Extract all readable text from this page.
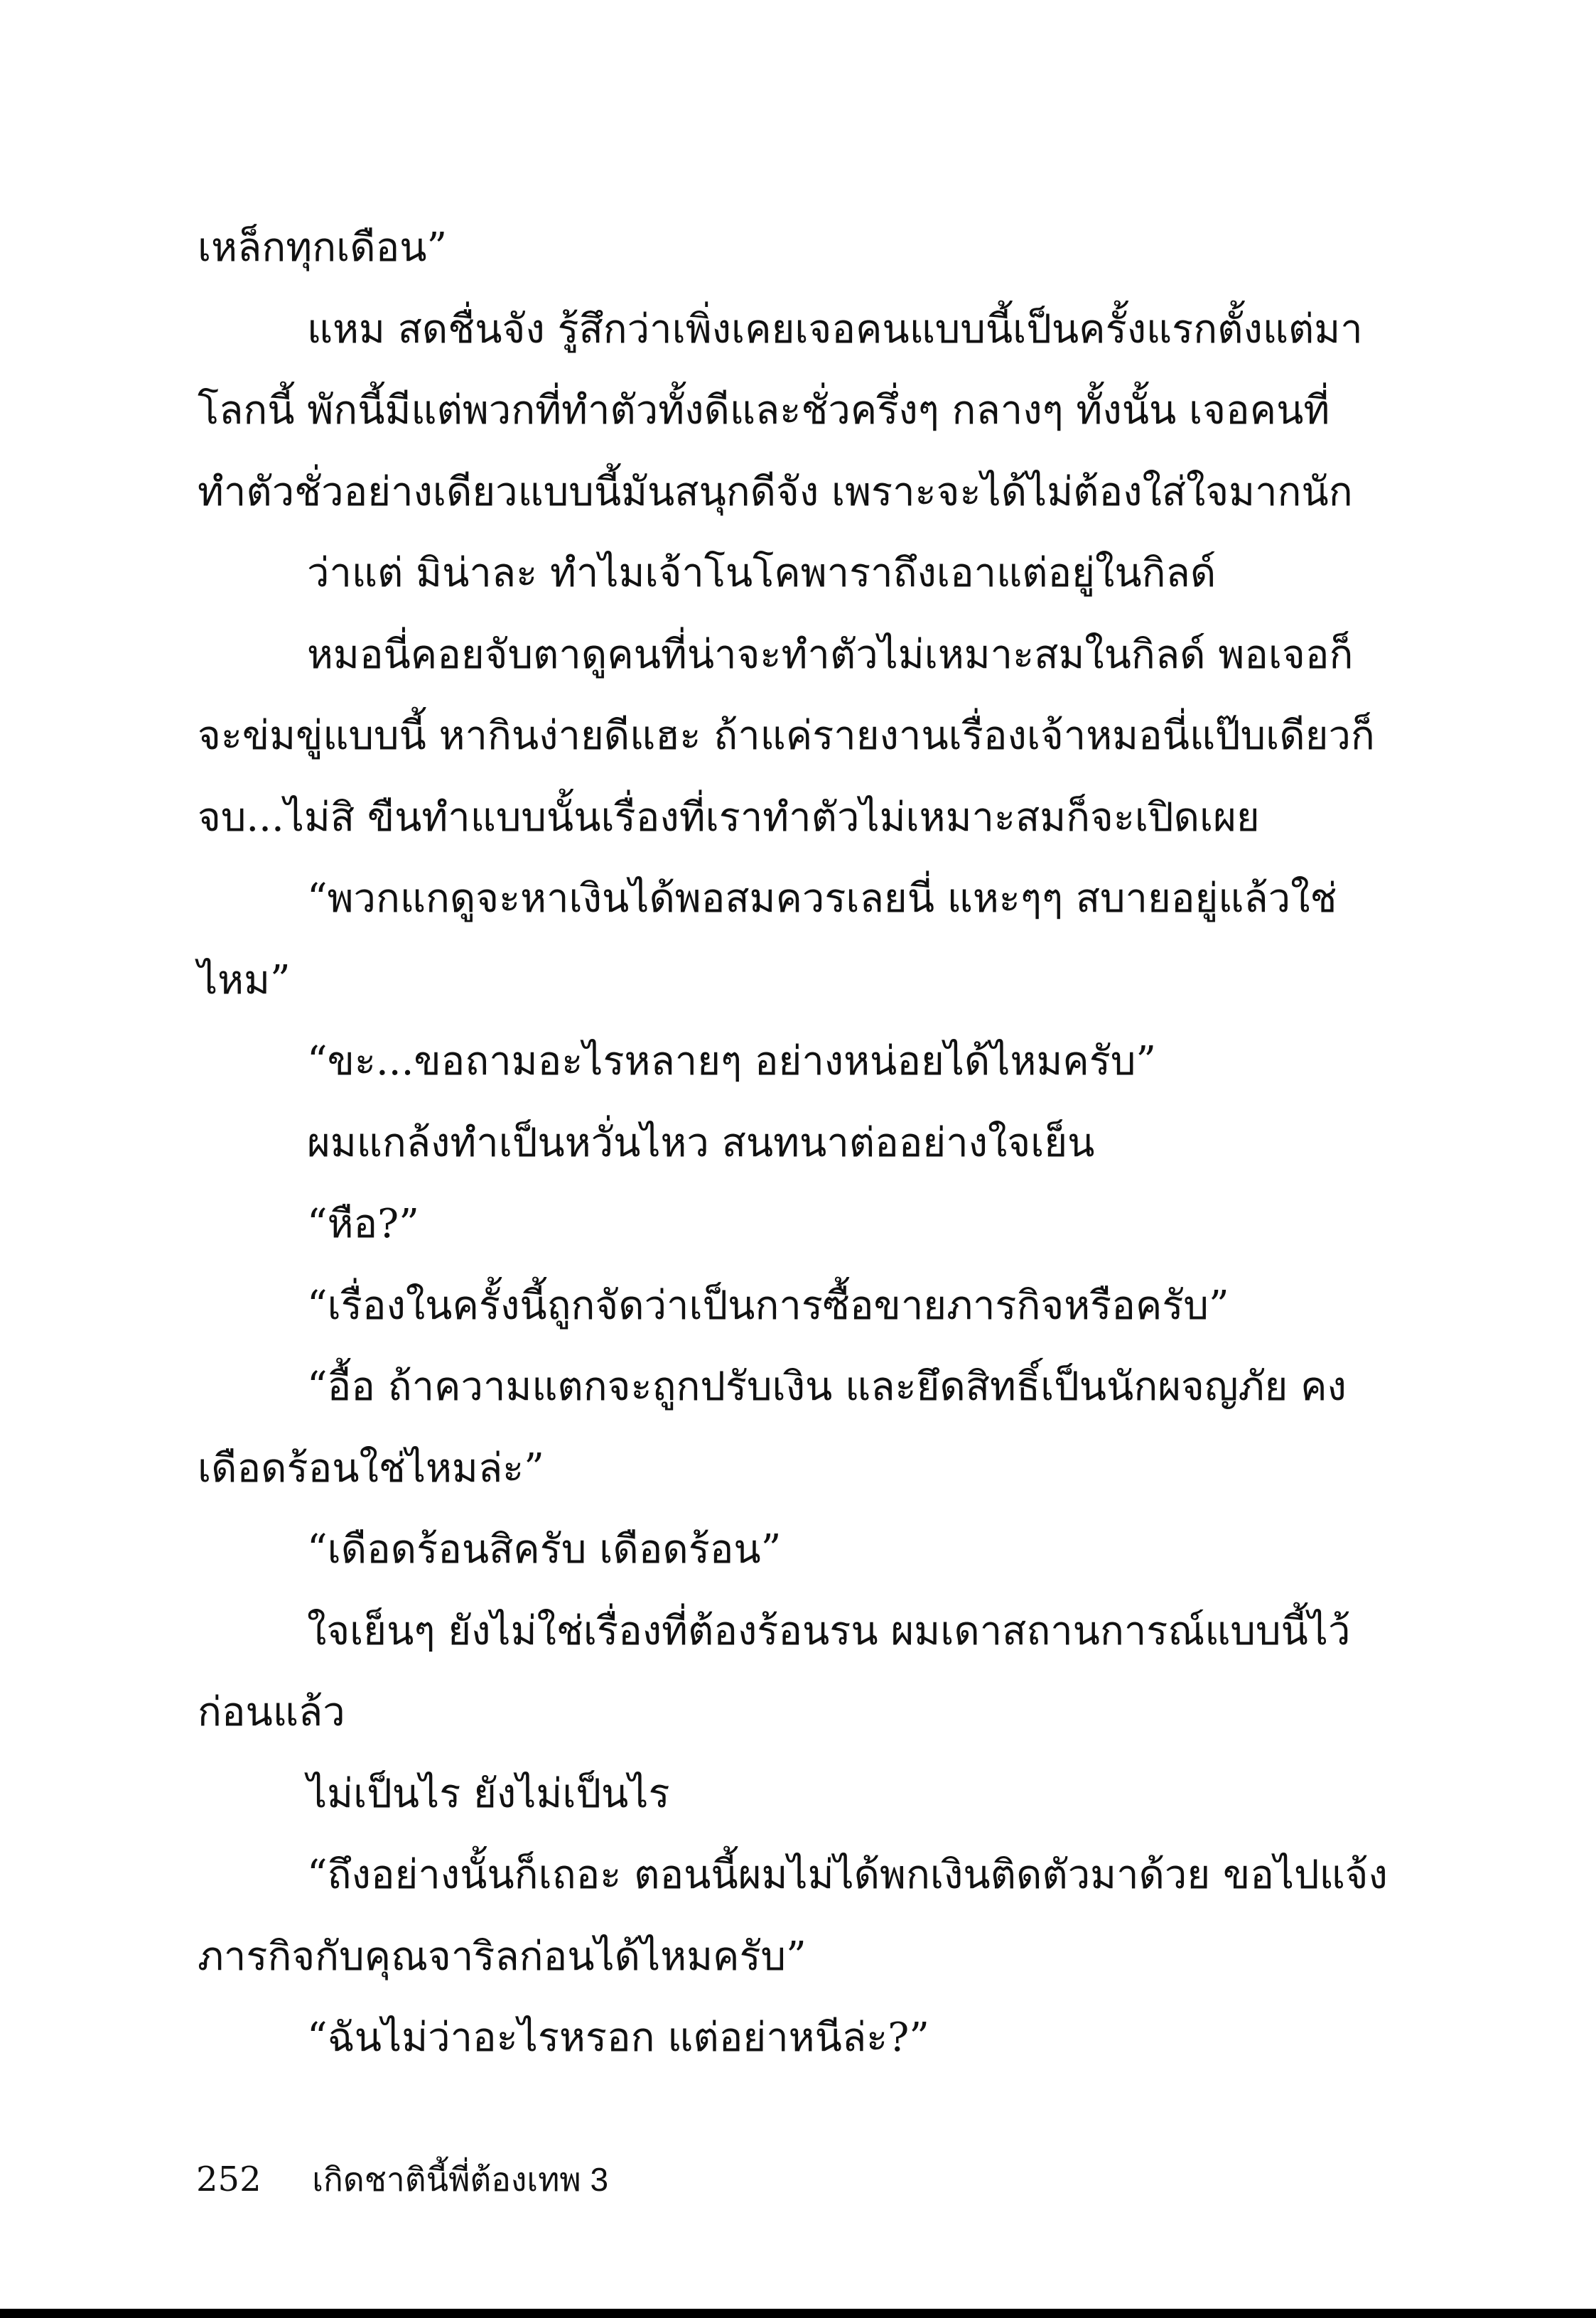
เหล็กทุกเดือน”
แหม สดชื่นจัง รู้สึกว่าเพิ่งเคยเจอคนแบบนี้เป็นครั้งแรกตั้งแต่มา
โลกนี้ พักนี้มีแต่พวกที่ทำตัวทั้งดีและชั่วครึ่งๆ กลางๆ ทั้งนั้น เจอคนที่
ทำตัวชั่วอย่างเดียวแบบนี้มันสนุกดีจัง เพราะจะได้ไม่ต้องใส่ใจมากนัก
ว่าแต่ มิน่าละ ทำไมเจ้าโนโคพาราถึงเอาแต่อยู่ในกิลด์
หมอนี่คอยจับตาดูคนที่น่าจะทำตัวไม่เหมาะสมในกิลด์ พอเจอก็
จะข่มขู่แบบนี้ หากินง่ายดีแฮะ ถ้าแค่รายงานเรื่องเจ้าหมอนี่แป๊บเดียวก็
จบ...ไม่สิ ขืนทำแบบนั้นเรื่องที่เราทำตัวไม่เหมาะสมก็จะเปิดเผย
“พวกแกดูจะหาเงินได้พอสมควรเลยนี่ แหะๆๆ สบายอยู่แล้วใช่
ไหม”
“ขะ...ขอถามอะไรหลายๆ อย่างหน่อยได้ไหมครับ”
ผมแกล้งทำเป็นหวั่นไหว สนทนาต่ออย่างใจเย็น
“หือ?”
“เรื่องในครั้งนี้ถูกจัดว่าเป็นการซื้อขายภารกิจหรือครับ”
“อื้อ ถ้าความแตกจะถูกปรับเงิน และยึดสิทธิ์เป็นนักผจญภัย คง
เดือดร้อนใช่ไหมล่ะ”
“เดือดร้อนสิครับ เดือดร้อน”
ใจเย็นๆ ยังไม่ใช่เรื่องที่ต้องร้อนรน ผมเดาสถานการณ์แบบนี้ไว้
ก่อนแล้ว
ไม่เป็นไร ยังไม่เป็นไร
“ถึงอย่างนั้นก็เถอะ ตอนนี้ผมไม่ได้พกเงินติดตัวมาด้วย ขอไปแจ้ง
ภารกิจกับคุณจาริลก่อนได้ไหมครับ”
“ฉันไม่ว่าอะไรหรอก แต่อย่าหนีล่ะ?”
252 เกิดชาตินี้พี่ต้องเทพ 3
